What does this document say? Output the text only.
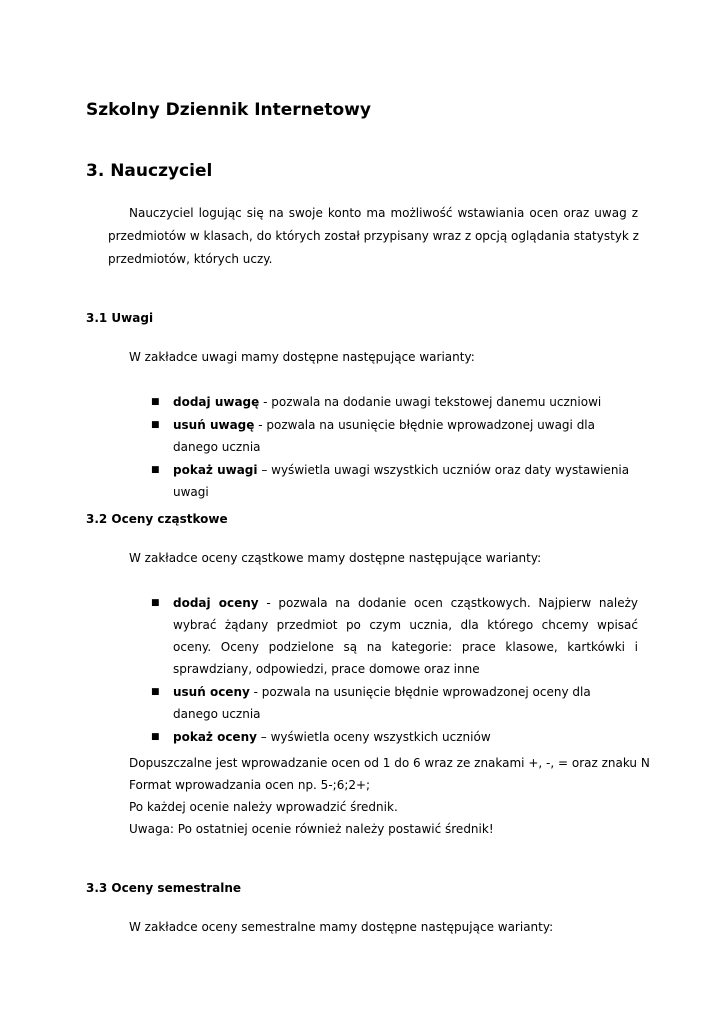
Szkolny Dziennik Internetowy
3. Nauczyciel
Nauczyciel logując się na swoje konto ma możliwość wstawiania ocen oraz uwag z
przedmiotów w klasach, do których został przypisany wraz z opcją oglądania statystyk z
przedmiotów, których uczy.
3.1 Uwagi

W zakładce uwagi mamy dostępne następujące warianty:

■ dodaj uwagę - pozwala na dodanie uwagi tekstowej danemu uczniowi
■ usuń uwagę - pozwala na usunięcie błędnie wprowadzonej uwagi dla danego ucznia
■ pokaż uwagi – wyświetla uwagi wszystkich uczniów oraz daty wystawienia uwagi
3.2 Oceny cząstkowe

W zakładce oceny cząstkowe mamy dostępne następujące warianty:

■ dodaj oceny - pozwala na dodanie ocen cząstkowych. Najpierw należy wybrać żądany przedmiot po czym ucznia, dla którego chcemy wpisać oceny. Oceny podzielone są na kategorie: prace klasowe, kartkówki i sprawdziany, odpowiedzi, prace domowe oraz inne
■ usuń oceny - pozwala na usunięcie błędnie wprowadzonej oceny dla danego ucznia
■ pokaż oceny – wyświetla oceny wszystkich uczniów
Dopuszczalne jest wprowadzanie ocen od 1 do 6 wraz ze znakami +, -, = oraz znaku N
Format wprowadzania ocen np. 5-;6;2+;
Po każdej ocenie należy wprowadzić średnik.
Uwaga: Po ostatniej ocenie również należy postawić średnik!
3.3 Oceny semestralne

W zakładce oceny semestralne mamy dostępne następujące warianty:
